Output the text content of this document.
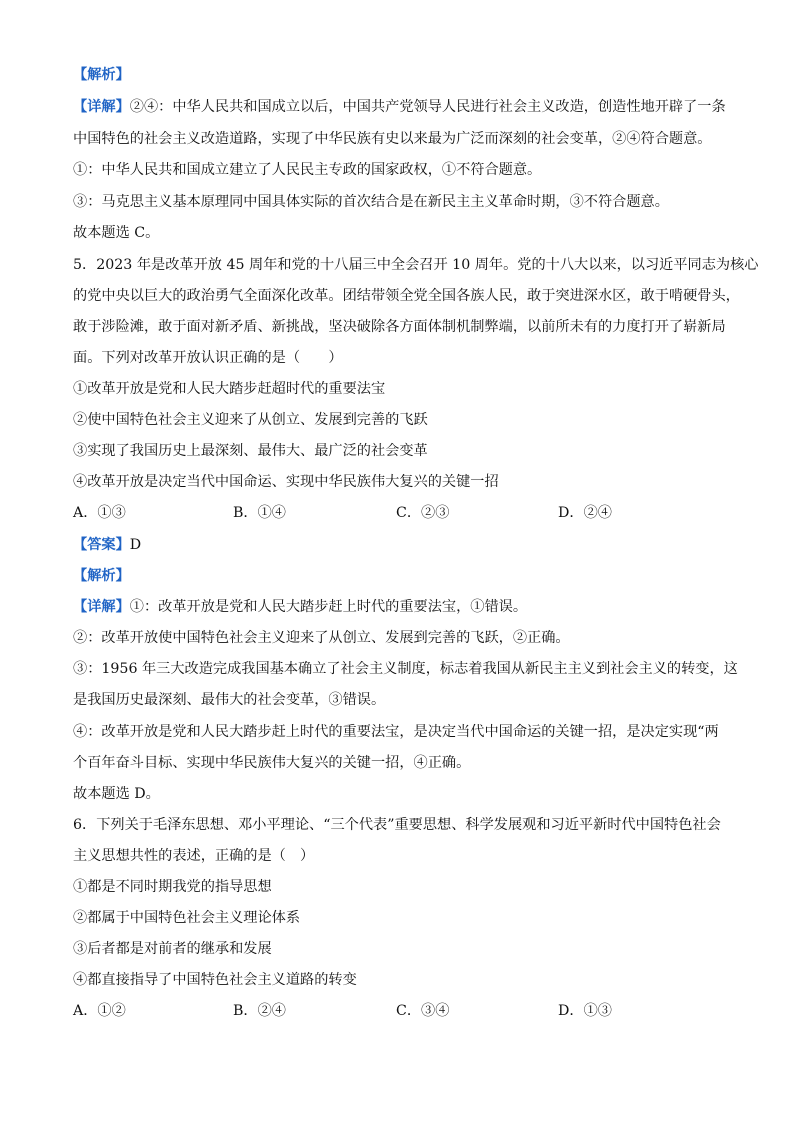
【解析】
【详解】②④：中华人民共和国成立以后，中国共产党领导人民进行社会主义改造，创造性地开辟了一条
中国特色的社会主义改造道路，实现了中华民族有史以来最为广泛而深刻的社会变革，②④符合题意。
①：中华人民共和国成立建立了人民民主专政的国家政权，①不符合题意。
③：马克思主义基本原理同中国具体实际的首次结合是在新民主主义革命时期，③不符合题意。
故本题选 C。
5．2023 年是改革开放 45 周年和党的十八届三中全会召开 10 周年。党的十八大以来，以习近平同志为核心
的党中央以巨大的政治勇气全面深化改革。团结带领全党全国各族人民，敢于突进深水区，敢于啃硬骨头，
敢于涉险滩，敢于面对新矛盾、新挑战，坚决破除各方面体制机制弊端，以前所未有的力度打开了崭新局
面。下列对改革开放认识正确的是（　　）
①改革开放是党和人民大踏步赶超时代的重要法宝
②使中国特色社会主义迎来了从创立、发展到完善的飞跃
③实现了我国历史上最深刻、最伟大、最广泛的社会变革
④改革开放是决定当代中国命运、实现中华民族伟大复兴的关键一招
A．①③	B．①④	C．②③	D．②④
【答案】D
【解析】
【详解】①：改革开放是党和人民大踏步赶上时代的重要法宝，①错误。
②：改革开放使中国特色社会主义迎来了从创立、发展到完善的飞跃，②正确。
③：1956 年三大改造完成我国基本确立了社会主义制度，标志着我国从新民主主义到社会主义的转变，这
是我国历史最深刻、最伟大的社会变革，③错误。
④：改革开放是党和人民大踏步赶上时代的重要法宝，是决定当代中国命运的关键一招，是决定实现“两
个百年奋斗目标、实现中华民族伟大复兴的关键一招，④正确。
故本题选 D。
6．下列关于毛泽东思想、邓小平理论、“三个代表”重要思想、科学发展观和习近平新时代中国特色社会
主义思想共性的表述，正确的是（　）
①都是不同时期我党的指导思想
②都属于中国特色社会主义理论体系
③后者都是对前者的继承和发展
④都直接指导了中国特色社会主义道路的转变
A．①②	B．②④	C．③④	D．①③
